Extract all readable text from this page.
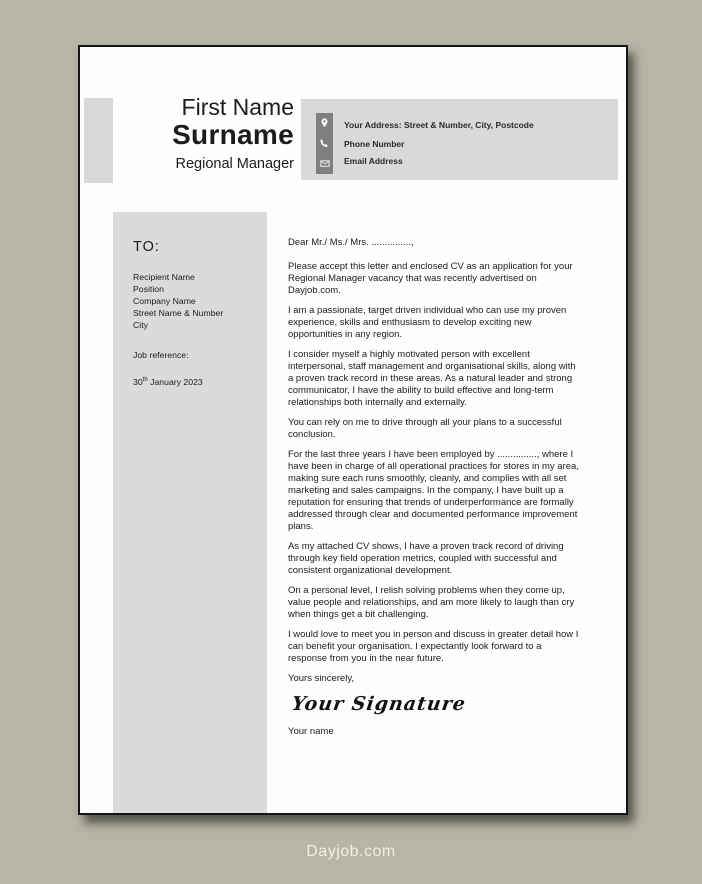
First Name
Surname
Regional Manager
Your Address: Street & Number, City, Postcode
Phone Number
Email Address
TO:
Recipient Name
Position
Company Name
Street Name & Number
City
Job reference:
30th January 2023

Dear Mr./ Ms./ Mrs. ...............,

Please accept this letter and enclosed CV as an application for your Regional Manager vacancy that was recently advertised on Dayjob.com.

I am a passionate, target driven individual who can use my proven experience, skills and enthusiasm to develop exciting new opportunities in any region.

I consider myself a highly motivated person with excellent interpersonal, staff management and organisational skills, along with a proven track record in these areas. As a natural leader and strong communicator, I have the ability to build effective and long-term relationships both internally and externally.

You can rely on me to drive through all your plans to a successful conclusion.

For the last three years I have been employed by ..............., where I have been in charge of all operational practices for stores in my area, making sure each runs smoothly, cleanly, and complies with all set marketing and sales campaigns. In the company, I have built up a reputation for ensuring that trends of underperformance are formally addressed through clear and documented performance improvement plans.

As my attached CV shows, I have a proven track record of driving through key field operation metrics, coupled with successful and consistent organizational development.

On a personal level, I relish solving problems when they come up, value people and relationships, and am more likely to laugh than cry when things get a bit challenging.

I would love to meet you in person and discuss in greater detail how I can benefit your organisation. I expectantly look forward to a response from you in the near future.

Yours sincerely,

Your Signature
Your name
Dayjob.com
